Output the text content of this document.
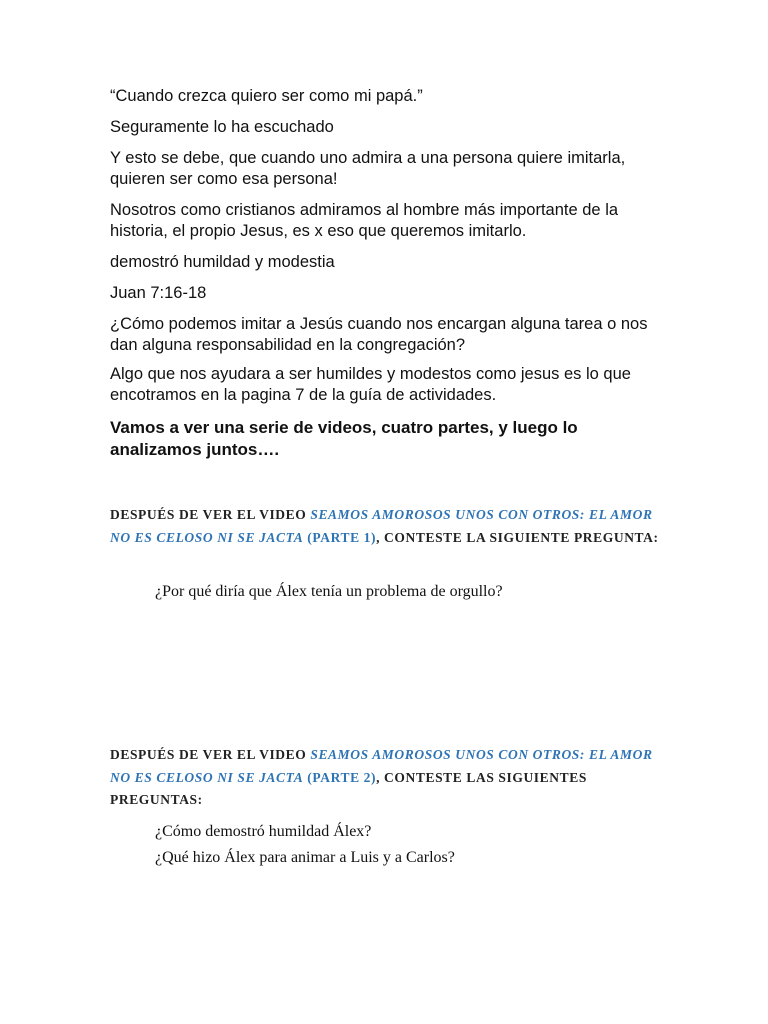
“Cuando crezca quiero ser como mi papá.”

Seguramente lo ha escuchado

Y esto se debe, que cuando uno admira a una persona quiere imitarla, quieren ser como esa persona!

Nosotros como cristianos admiramos al hombre más importante de la historia, el propio Jesus, es x eso que queremos imitarlo.

demostró humildad y modestia

Juan 7:16-18

¿Cómo podemos imitar a Jesús cuando nos encargan alguna tarea o nos dan alguna responsabilidad en la congregación?

Algo que nos ayudara a ser humildes y modestos como jesus es lo que encotramos en la pagina 7 de la guía de actividades.

Vamos a ver una serie de videos, cuatro partes, y luego lo analizamos juntos….

DESPUÉS DE VER EL VIDEO SEAMOS AMOROSOS UNOS CON OTROS: EL AMOR NO ES CELOSO NI SE JACTA (PARTE 1), CONTESTE LA SIGUIENTE PREGUNTA:

¿Por qué diría que Álex tenía un problema de orgullo?

DESPUÉS DE VER EL VIDEO SEAMOS AMOROSOS UNOS CON OTROS: EL AMOR NO ES CELOSO NI SE JACTA (PARTE 2), CONTESTE LAS SIGUIENTES PREGUNTAS:

¿Cómo demostró humildad Álex?

¿Qué hizo Álex para animar a Luis y a Carlos?
